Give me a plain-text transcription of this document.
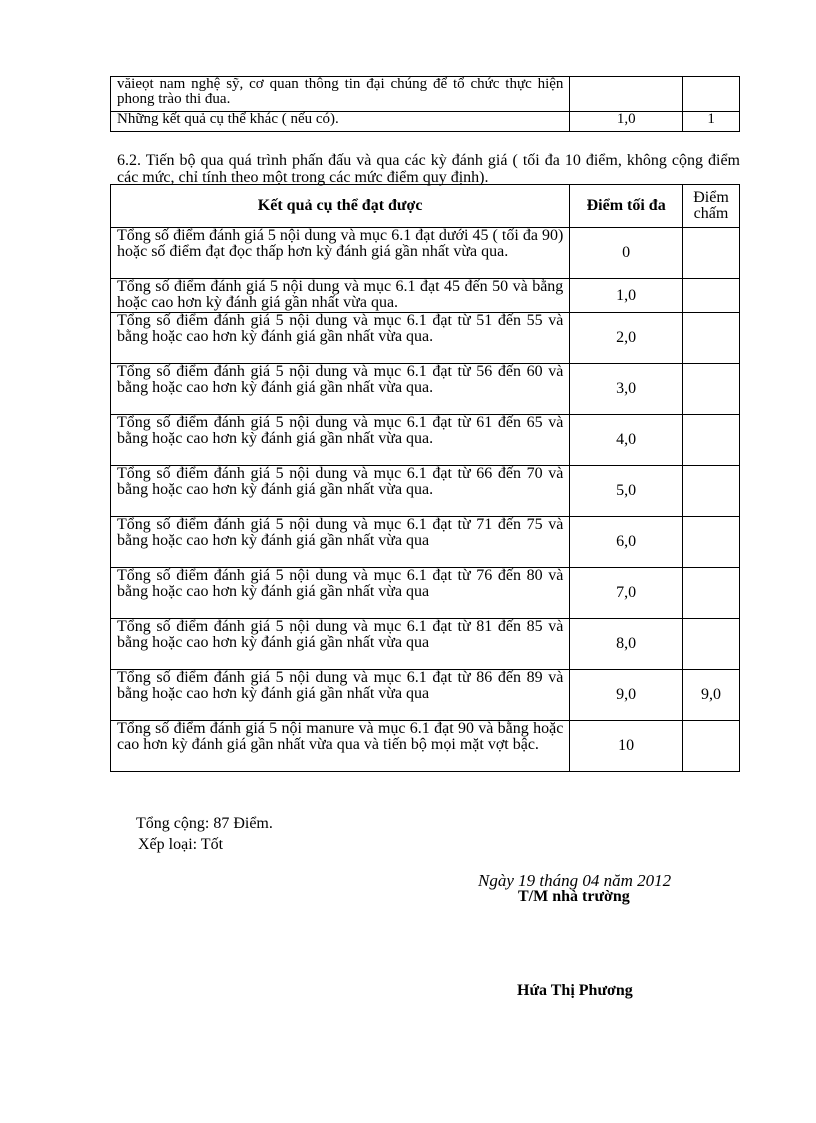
văieọt nam nghệ sỹ, cơ quan thông tin đại chúng để tổ chức thực hiện phong trào thi đua.		
Những kết quả cụ thể khác ( nếu có).	1,0	1

6.2. Tiến bộ qua quá trình phấn đấu và qua các kỳ đánh giá ( tối đa 10 điểm, không cộng điểm các mức, chỉ tính theo một trong các mức điểm quy định).

Kết quả cụ thể đạt được	Điểm tối đa	Điểm chấm
Tổng số điểm đánh giá 5 nội dung và mục 6.1 đạt dưới 45 ( tối đa 90) hoặc số điểm đạt đọc thấp hơn kỳ đánh giá gần nhất vừa qua.	0	
Tổng số điểm đánh giá 5 nội dung và mục 6.1 đạt 45 đến 50 và bằng hoặc cao hơn kỳ đánh giá gần nhất vừa qua.	1,0	
Tổng số điểm đánh giá 5 nội dung và mục 6.1 đạt từ 51 đến 55 và bằng hoặc cao hơn kỳ đánh giá gần nhất vừa qua.	2,0	
Tổng số điểm đánh giá 5 nội dung và mục 6.1 đạt từ 56 đến 60 và bằng hoặc cao hơn kỳ đánh giá gần nhất vừa qua.	3,0	
Tổng số điểm đánh giá 5 nội dung và mục 6.1 đạt từ 61 đến 65 và bằng hoặc cao hơn kỳ đánh giá gần nhất vừa qua.	4,0	
Tổng số điểm đánh giá 5 nội dung và mục 6.1 đạt từ 66 đến 70 và bằng hoặc cao hơn kỳ đánh giá gần nhất vừa qua.	5,0	
Tổng số điểm đánh giá 5 nội dung và mục 6.1 đạt từ 71 đến 75 và bằng hoặc cao hơn kỳ đánh giá gần nhất vừa qua	6,0	
Tổng số điểm đánh giá 5 nội dung và mục 6.1 đạt từ 76 đến 80 và bằng hoặc cao hơn kỳ đánh giá gần nhất vừa qua	7,0	
Tổng số điểm đánh giá 5 nội dung và mục 6.1 đạt từ 81 đến 85 và bằng hoặc cao hơn kỳ đánh giá gần nhất vừa qua	8,0	
Tổng số điểm đánh giá 5 nội dung và mục 6.1 đạt từ 86 đến 89 và bằng hoặc cao hơn kỳ đánh giá gần nhất vừa qua	9,0	9,0
Tổng số điểm đánh giá 5 nội manure và mục 6.1 đạt 90 và bằng hoặc cao hơn kỳ đánh giá gần nhất vừa qua và tiến bộ mọi mặt vợt bậc.	10	

Tổng cộng: 87 Điểm.

Xếp loại: Tốt

Ngày 19 tháng 04 năm 2012

T/M nhà trường

Hứa Thị Phương
